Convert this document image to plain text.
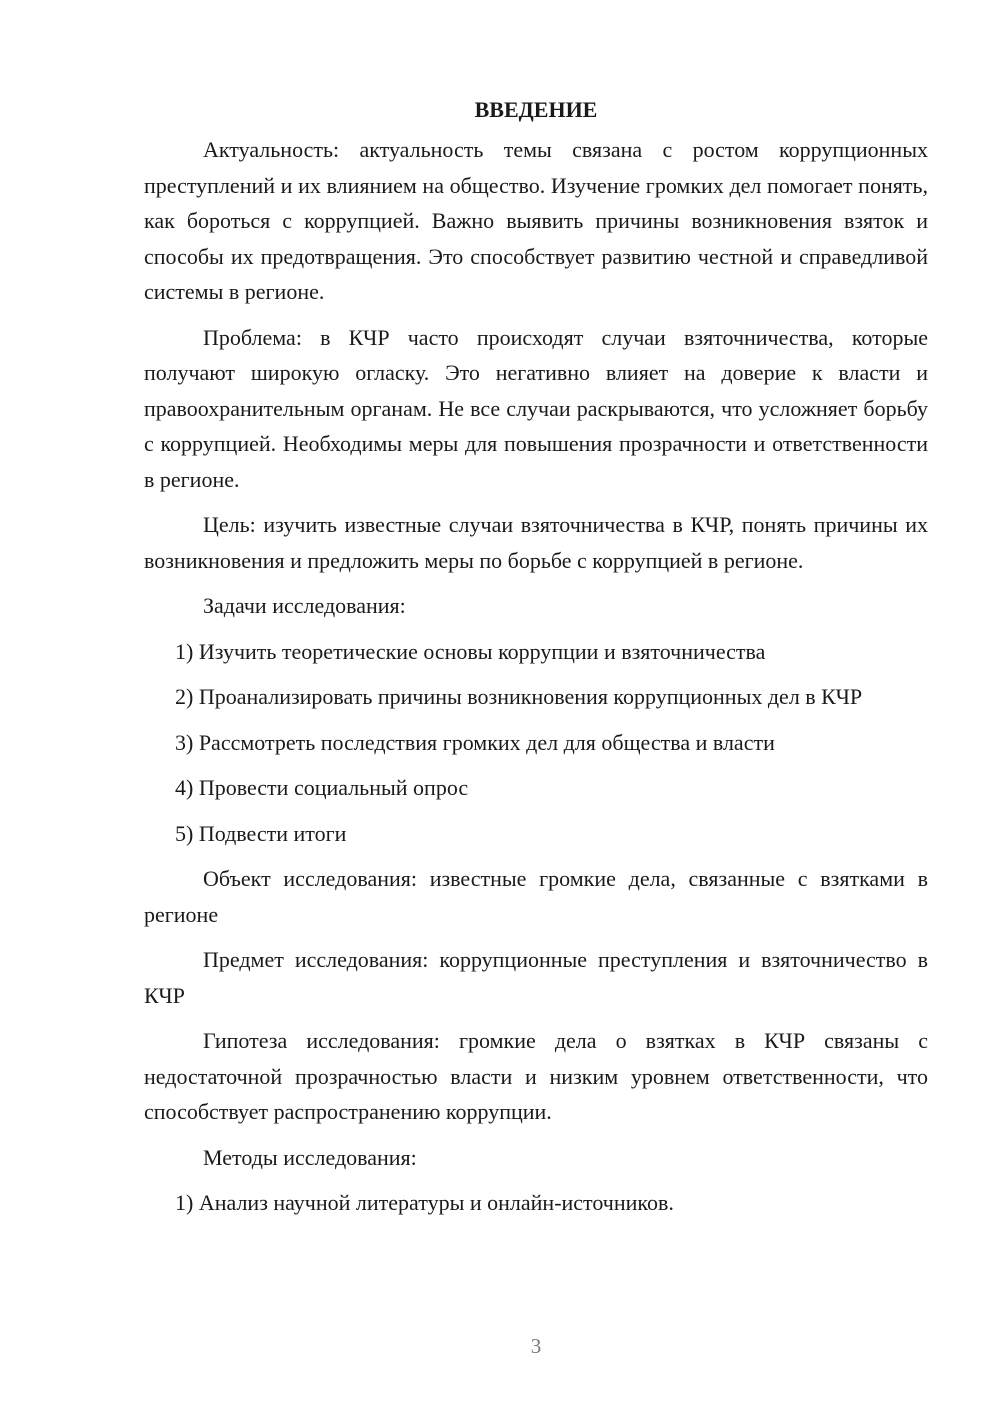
ВВЕДЕНИЕ

Актуальность: актуальность темы связана с ростом коррупционных преступлений и их влиянием на общество. Изучение громких дел помогает понять, как бороться с коррупцией. Важно выявить причины возникновения взяток и способы их предотвращения. Это способствует развитию честной и справедливой системы в регионе.

Проблема: в КЧР часто происходят случаи взяточничества, которые получают широкую огласку. Это негативно влияет на доверие к власти и правоохранительным органам. Не все случаи раскрываются, что усложняет борьбу с коррупцией. Необходимы меры для повышения прозрачности и ответственности в регионе.

Цель: изучить известные случаи взяточничества в КЧР, понять причины их возникновения и предложить меры по борьбе с коррупцией в регионе.

Задачи исследования:

1) Изучить теоретические основы коррупции и взяточничества

2) Проанализировать причины возникновения коррупционных дел в КЧР

3) Рассмотреть последствия громких дел для общества и власти

4) Провести социальный опрос

5) Подвести итоги

Объект исследования: известные громкие дела, связанные с взятками в регионе

Предмет исследования: коррупционные преступления и взяточничество в КЧР

Гипотеза исследования: громкие дела о взятках в КЧР связаны с недостаточной прозрачностью власти и низким уровнем ответственности, что способствует распространению коррупции.

Методы исследования:

1) Анализ научной литературы и онлайн-источников.

3
